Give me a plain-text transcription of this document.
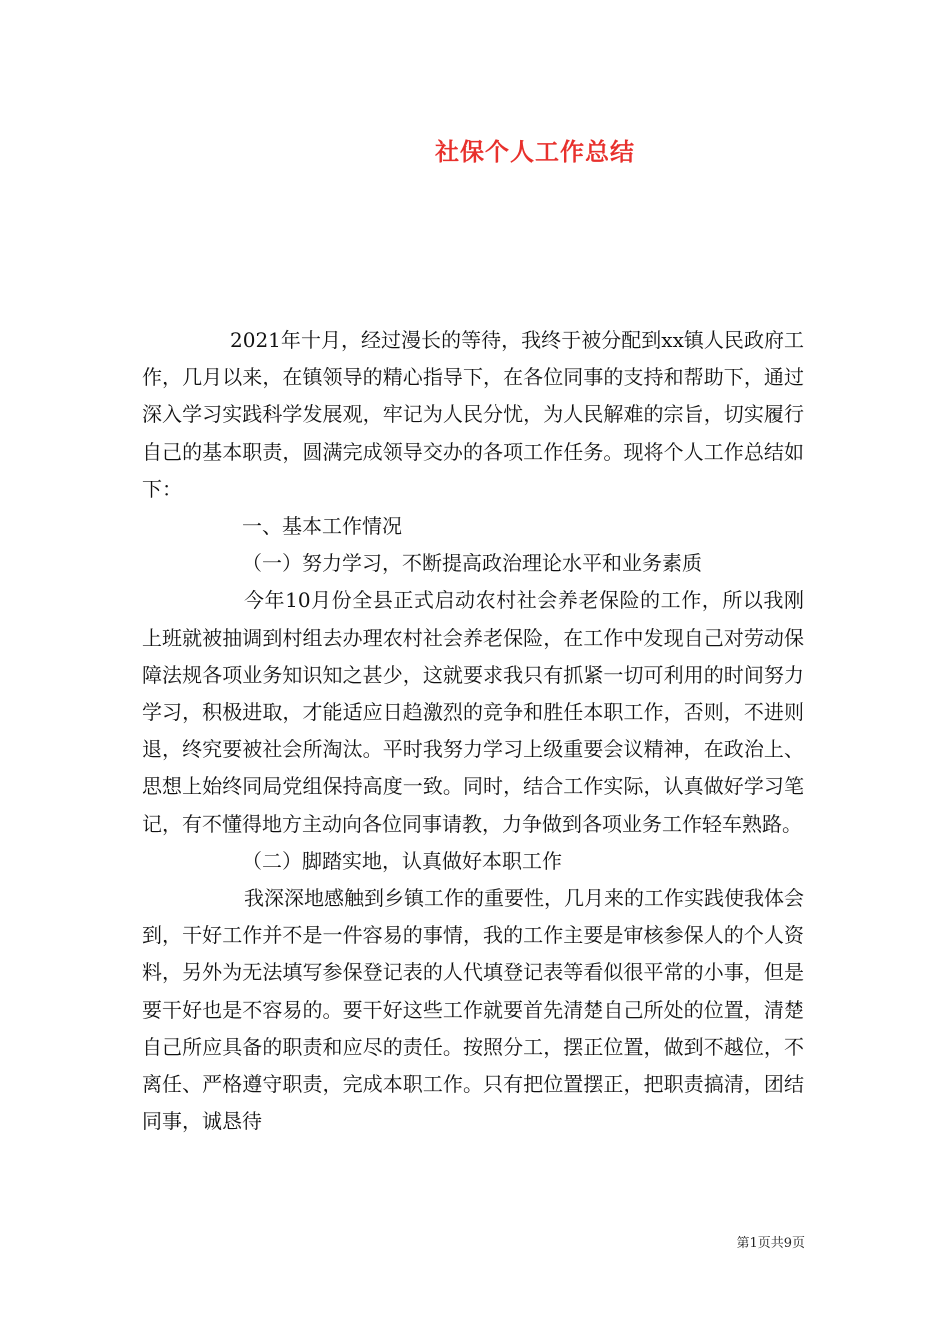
社保个人工作总结

2021年十月，经过漫长的等待，我终于被分配到xx镇人民政府工作，几月以来，在镇领导的精心指导下，在各位同事的支持和帮助下，通过深入学习实践科学发展观，牢记为人民分忧，为人民解难的宗旨，切实履行自己的基本职责，圆满完成领导交办的各项工作任务。现将个人工作总结如下：

一、基本工作情况

（一）努力学习，不断提高政治理论水平和业务素质

今年10月份全县正式启动农村社会养老保险的工作，所以我刚上班就被抽调到村组去办理农村社会养老保险，在工作中发现自己对劳动保障法规各项业务知识知之甚少，这就要求我只有抓紧一切可利用的时间努力学习，积极进取，才能适应日趋激烈的竞争和胜任本职工作，否则，不进则退，终究要被社会所淘汰。平时我努力学习上级重要会议精神，在政治上、思想上始终同局党组保持高度一致。同时，结合工作实际，认真做好学习笔记，有不懂得地方主动向各位同事请教，力争做到各项业务工作轻车熟路。

（二）脚踏实地，认真做好本职工作

我深深地感触到乡镇工作的重要性，几月来的工作实践使我体会到，干好工作并不是一件容易的事情，我的工作主要是审核参保人的个人资料，另外为无法填写参保登记表的人代填登记表等看似很平常的小事，但是要干好也是不容易的。要干好这些工作就要首先清楚自己所处的位置，清楚自己所应具备的职责和应尽的责任。按照分工，摆正位置，做到不越位，不离任、严格遵守职责，完成本职工作。只有把位置摆正，把职责搞清，团结同事，诚恳待

第1页共9页
